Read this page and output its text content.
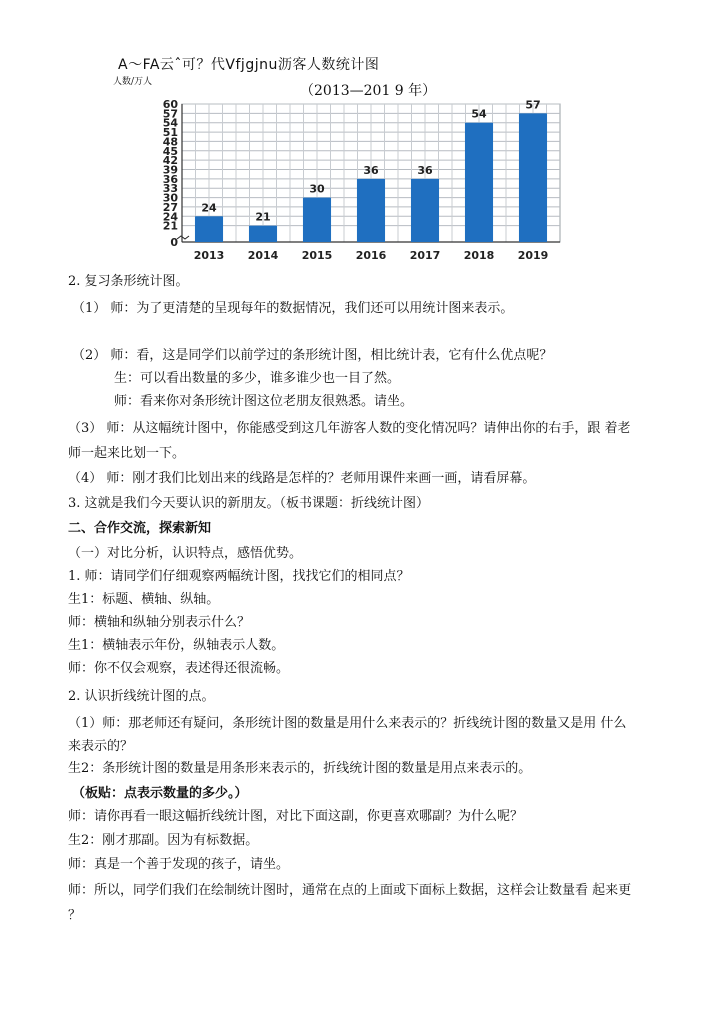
A～FA云ˆ可？代Vfjgjnu沥客人数统计图
人数/万人
（2013—201 9 年）
0
21
24
27
30
33
36
39
42
45
48
51
54
57
60
24
2013
21
2014
30
2015
36
2016
36
2017
54
2018
57
2019
2. 复习条形统计图。
（1） 师：为了更清楚的呈现每年的数据情况，我们还可以用统计图来表示。
（2） 师：看，这是同学们以前学过的条形统计图，相比统计表，它有什么优点呢？
生：可以看出数量的多少，谁多谁少也一目了然。
师：看来你对条形统计图这位老朋友很熟悉。请坐。
（3） 师：从这幅统计图中，你能感受到这几年游客人数的变化情况吗？请伸出你的右手，跟 着老
师一起来比划一下。
（4） 师：刚才我们比划出来的线路是怎样的？老师用课件来画一画，请看屏幕。
3. 这就是我们今天要认识的新朋友。（板书课题：折线统计图）
二、合作交流，探索新知
（一）对比分析，认识特点，感悟优势。
1. 师：请同学们仔细观察两幅统计图，找找它们的相同点？
生1：标题、横轴、纵轴。
师：横轴和纵轴分别表示什么？
生1：横轴表示年份，纵轴表示人数。
师：你不仅会观察，表述得还很流畅。
2. 认识折线统计图的点。
（1）师：那老师还有疑问，条形统计图的数量是用什么来表示的？折线统计图的数量又是用 什么
来表示的？
生2：条形统计图的数量是用条形来表示的，折线统计图的数量是用点来表示的。
（板贴：点表示数量的多少。）
师：请你再看一眼这幅折线统计图，对比下面这副，你更喜欢哪副？为什么呢？
生2：刚才那副。因为有标数据。
师：真是一个善于发现的孩子，请坐。
师：所以，同学们我们在绘制统计图时，通常在点的上面或下面标上数据，这样会让数量看 起来更
？
